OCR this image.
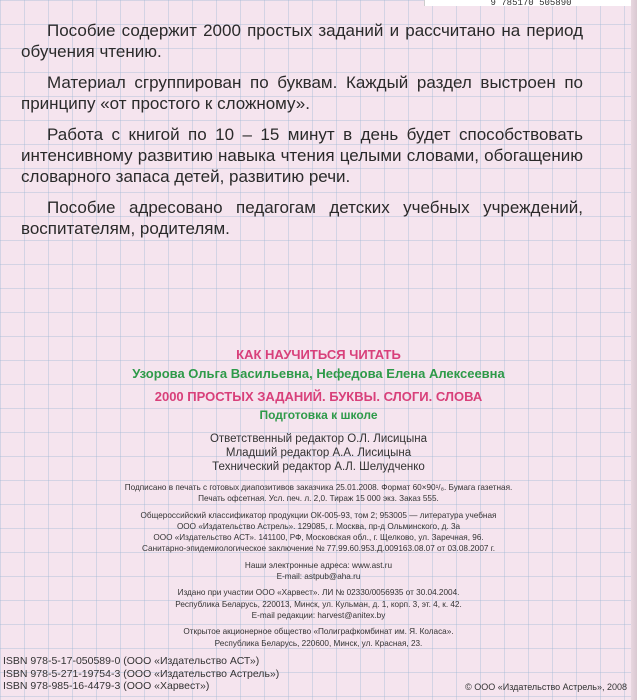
9 785170 505890

Пособие содержит 2000 простых заданий и рассчитано на период обучения чтению.

Материал сгруппирован по буквам. Каждый раздел выстроен по принципу «от простого к сложному».

Работа с книгой по 10 – 15 минут в день будет способствовать интенсивному развитию навыка чтения целыми словами, обогащению словарного запаса детей, развитию речи.

Пособие адресовано педагогам детских учебных учреждений, воспитателям, родителям.

КАК НАУЧИТЬСЯ ЧИТАТЬ
Узорова Ольга Васильевна, Нефедова Елена Алексеевна
2000 ПРОСТЫХ ЗАДАНИЙ. БУКВЫ. СЛОГИ. СЛОВА
Подготовка к школе
Ответственный редактор О.Л. Лисицына
Младший редактор А.А. Лисицына
Технический редактор А.Л. Шелудченко
Подписано в печать с готовых диапозитивов заказчика 25.01.2008. Формат 60×90¹/₈. Бумага газетная.
Печать офсетная. Усл. печ. л. 2,0. Тираж 15 000 экз. Заказ 555.
Общероссийский классификатор продукции ОК-005-93, том 2; 953005 — литература учебная
ООО «Издательство Астрель». 129085, г. Москва, пр-д Ольминского, д. 3а
ООО «Издательство АСТ». 141100, РФ, Московская обл., г. Щелково, ул. Заречная, 96.
Санитарно-эпидемиологическое заключение № 77.99.60.953.Д.009163.08.07 от 03.08.2007 г.
Наши электронные адреса: www.ast.ru
E-mail: astpub@aha.ru
Издано при участии ООО «Харвест». ЛИ № 02330/0056935 от 30.04.2004.
Республика Беларусь, 220013, Минск, ул. Кульман, д. 1, корп. 3, эт. 4, к. 42.
E-mail редакции: harvest@anitex.by
Открытое акционерное общество «Полиграфкомбинат им. Я. Коласа».
Республика Беларусь, 220600, Минск, ул. Красная, 23.
ISBN 978-5-17-050589-0 (ООО «Издательство АСТ»)
ISBN 978-5-271-19754-3 (ООО «Издательство Астрель»)
ISBN 978-985-16-4479-3 (ООО «Харвест»)	© ООО «Издательство Астрель», 2008
